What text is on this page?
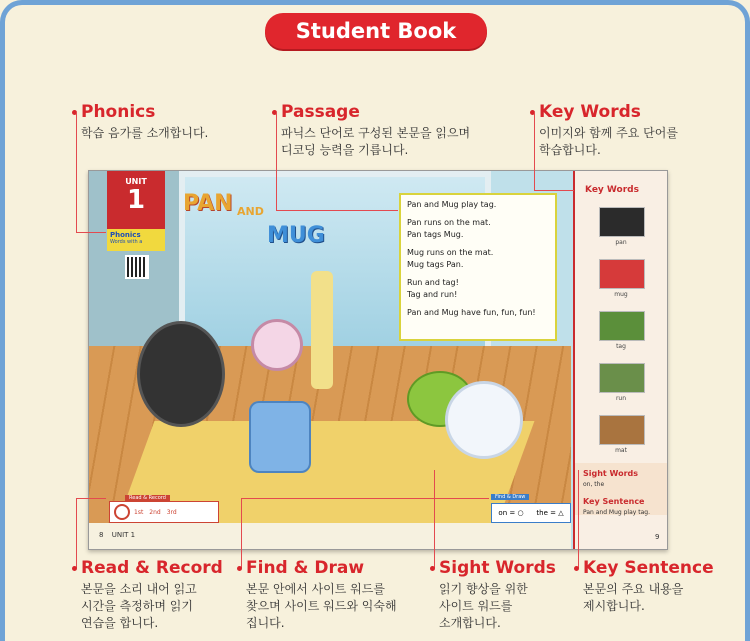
Student Book
Phonics
학습 음가를 소개합니다.
Passage
파닉스 단어로 구성된 본문을 읽으며
디코딩 능력을 기릅니다.
Key Words
이미지와 함께 주요 단어를
학습합니다.
UNIT
1
Phonics
Words with a
PAN AND
MUG
Pan and Mug play tag.
Pan runs on the mat.
Pan tags Mug.
Mug runs on the mat.
Mug tags Pan.
Run and tag!
Tag and run!
Pan and Mug have fun, fun, fun!
Read & Record
1st 2nd 3rd
Find & Draw
on = ○ the = △
8 UNIT 1
Key Words
pan
mug
tag
run
mat
Sight Words
on, the
Key Sentence
Pan and Mug play tag.
9
Read & Record
본문을 소리 내어 읽고
시간을 측정하며 읽기
연습을 합니다.
Find & Draw
본문 안에서 사이트 워드를
찾으며 사이트 워드와 익숙해
집니다.
Sight Words
읽기 향상을 위한
사이트 워드를
소개합니다.
Key Sentence
본문의 주요 내용을
제시합니다.
